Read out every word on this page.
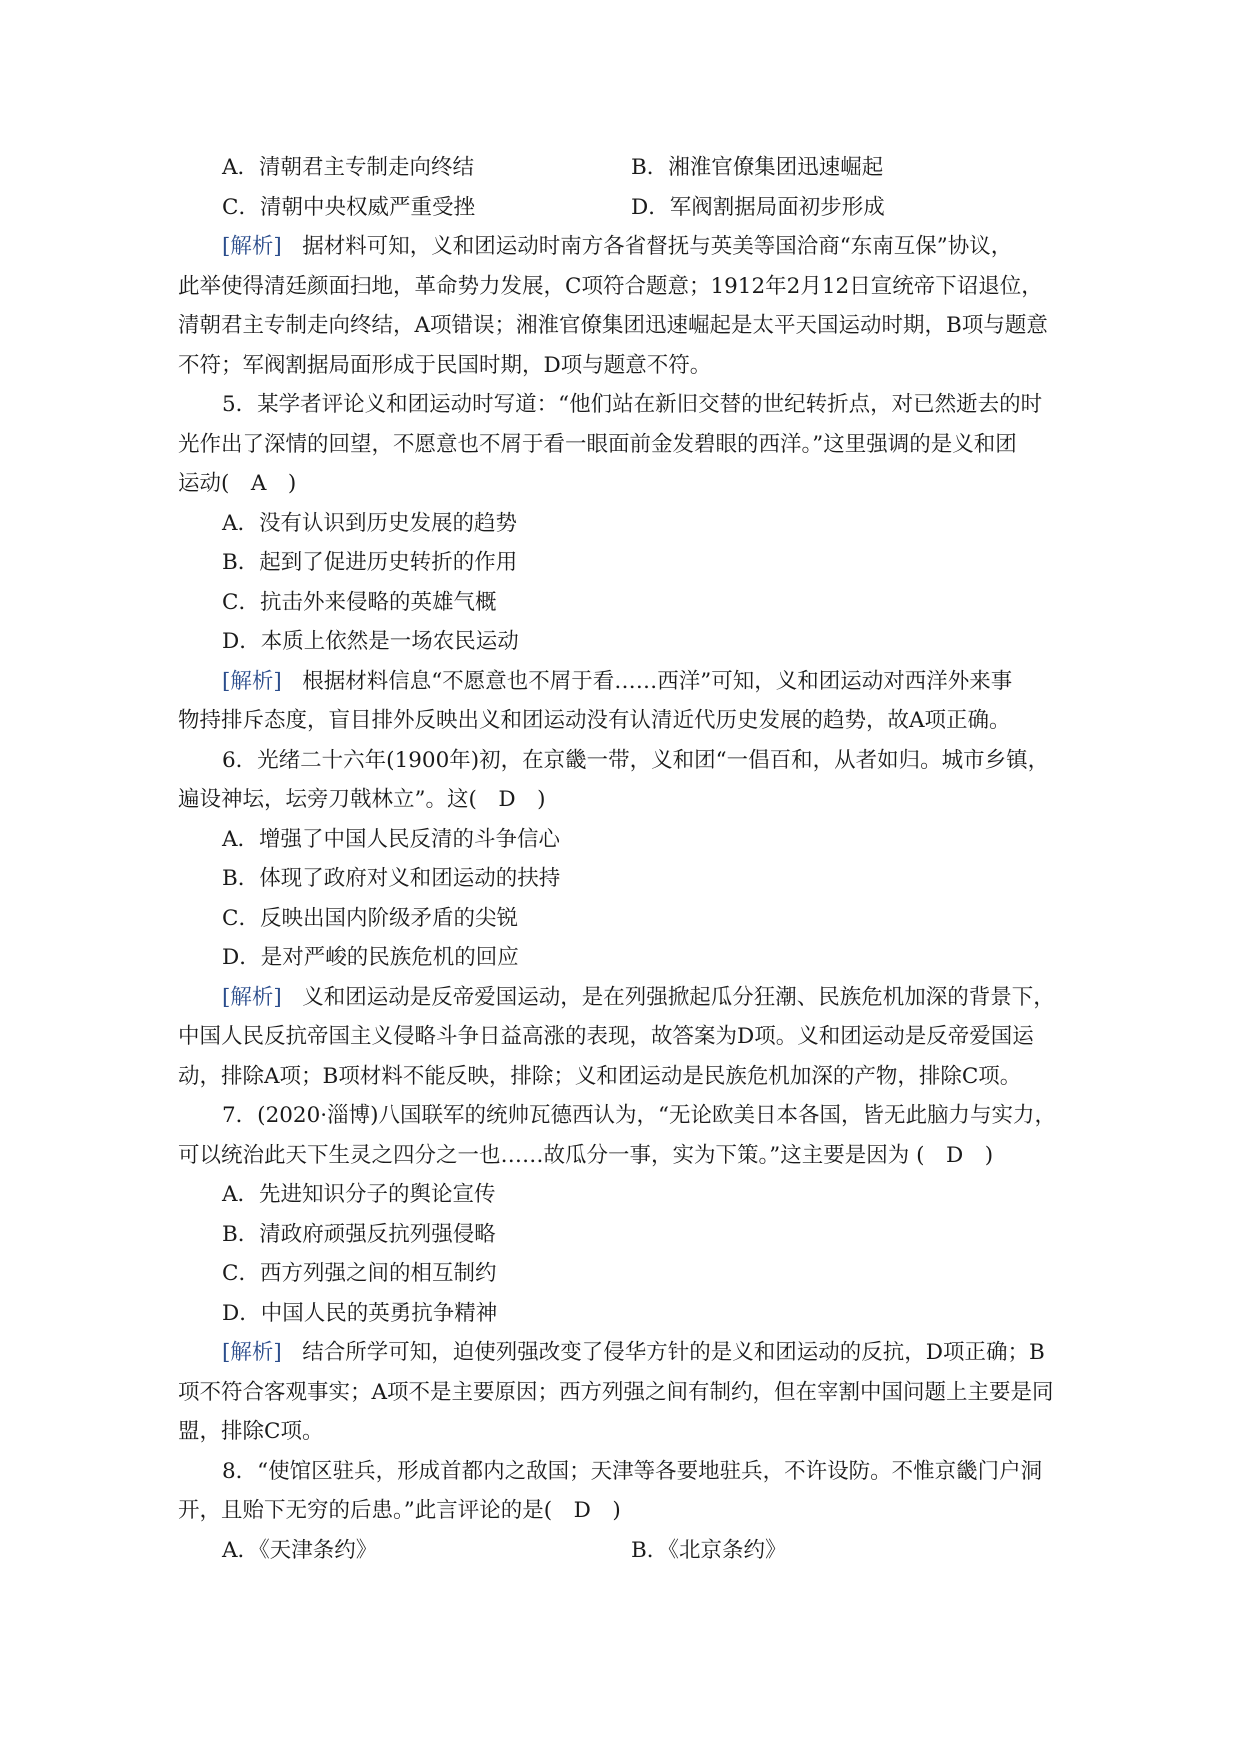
A．清朝君主专制走向终结	B．湘淮官僚集团迅速崛起
C．清朝中央权威严重受挫	D．军阀割据局面初步形成
[解析] 据材料可知，义和团运动时南方各省督抚与英美等国洽商“东南互保”协议，
此举使得清廷颜面扫地，革命势力发展，C项符合题意；1912年2月12日宣统帝下诏退位，
清朝君主专制走向终结，A项错误；湘淮官僚集团迅速崛起是太平天国运动时期，B项与题意
不符；军阀割据局面形成于民国时期，D项与题意不符。
5．某学者评论义和团运动时写道：“他们站在新旧交替的世纪转折点，对已然逝去的时
光作出了深情的回望，不愿意也不屑于看一眼面前金发碧眼的西洋。”这里强调的是义和团
运动(　A　)
A．没有认识到历史发展的趋势
B．起到了促进历史转折的作用
C．抗击外来侵略的英雄气概
D．本质上依然是一场农民运动
[解析] 根据材料信息“不愿意也不屑于看……西洋”可知，义和团运动对西洋外来事
物持排斥态度，盲目排外反映出义和团运动没有认清近代历史发展的趋势，故A项正确。
6．光绪二十六年(1900年)初，在京畿一带，义和团“一倡百和，从者如归。城市乡镇，
遍设神坛，坛旁刀戟林立”。这(　D　)
A．增强了中国人民反清的斗争信心
B．体现了政府对义和团运动的扶持
C．反映出国内阶级矛盾的尖锐
D．是对严峻的民族危机的回应
[解析] 义和团运动是反帝爱国运动，是在列强掀起瓜分狂潮、民族危机加深的背景下，
中国人民反抗帝国主义侵略斗争日益高涨的表现，故答案为D项。义和团运动是反帝爱国运
动，排除A项；B项材料不能反映，排除；义和团运动是民族危机加深的产物，排除C项。
7．(2020·淄博)八国联军的统帅瓦德西认为，“无论欧美日本各国，皆无此脑力与实力，
可以统治此天下生灵之四分之一也……故瓜分一事，实为下策。”这主要是因为 (　D　)
A．先进知识分子的舆论宣传
B．清政府顽强反抗列强侵略
C．西方列强之间的相互制约
D．中国人民的英勇抗争精神
[解析] 结合所学可知，迫使列强改变了侵华方针的是义和团运动的反抗，D项正确；B
项不符合客观事实；A项不是主要原因；西方列强之间有制约，但在宰割中国问题上主要是同
盟，排除C项。
8．“使馆区驻兵，形成首都内之敌国；天津等各要地驻兵，不许设防。不惟京畿门户洞
开，且贻下无穷的后患。”此言评论的是(　D　)
A．《天津条约》	B．《北京条约》
